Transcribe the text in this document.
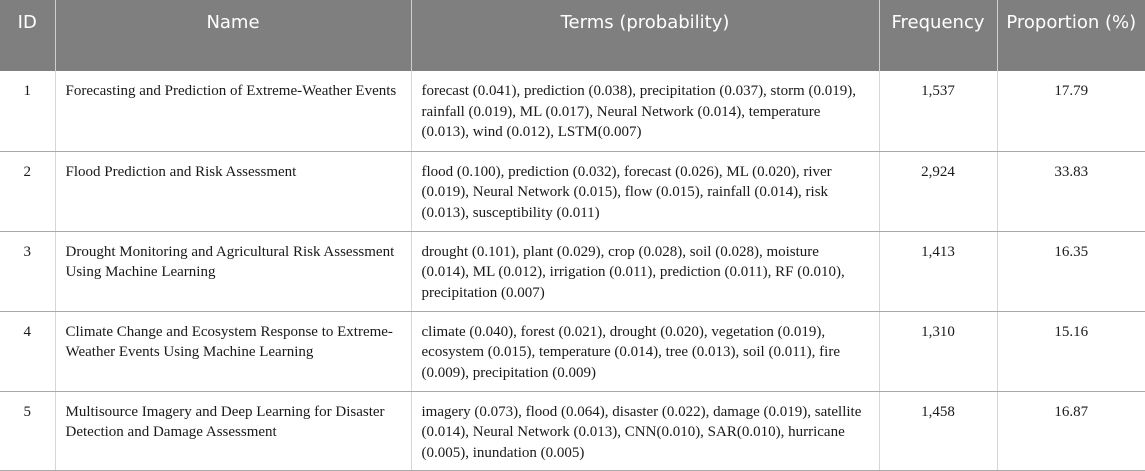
ID	Name	Terms (probability)	Frequency	Proportion (%)
1	Forecasting and Prediction of Extreme-Weather Events	forecast (0.041), prediction (0.038), precipitation (0.037), storm (0.019), rainfall (0.019), ML (0.017), Neural Network (0.014), temperature (0.013), wind (0.012), LSTM(0.007)	1,537	17.79
2	Flood Prediction and Risk Assessment	flood (0.100), prediction (0.032), forecast (0.026), ML (0.020), river (0.019), Neural Network (0.015), flow (0.015), rainfall (0.014), risk (0.013), susceptibility (0.011)	2,924	33.83
3	Drought Monitoring and Agricultural Risk Assessment Using Machine Learning	drought (0.101), plant (0.029), crop (0.028), soil (0.028), moisture (0.014), ML (0.012), irrigation (0.011), prediction (0.011), RF (0.010), precipitation (0.007)	1,413	16.35
4	Climate Change and Ecosystem Response to Extreme-Weather Events Using Machine Learning	climate (0.040), forest (0.021), drought (0.020), vegetation (0.019), ecosystem (0.015), temperature (0.014), tree (0.013), soil (0.011), fire (0.009), precipitation (0.009)	1,310	15.16
5	Multisource Imagery and Deep Learning for Disaster Detection and Damage Assessment	imagery (0.073), flood (0.064), disaster (0.022), damage (0.019), satellite (0.014), Neural Network (0.013), CNN(0.010), SAR(0.010), hurricane (0.005), inundation (0.005)	1,458	16.87
